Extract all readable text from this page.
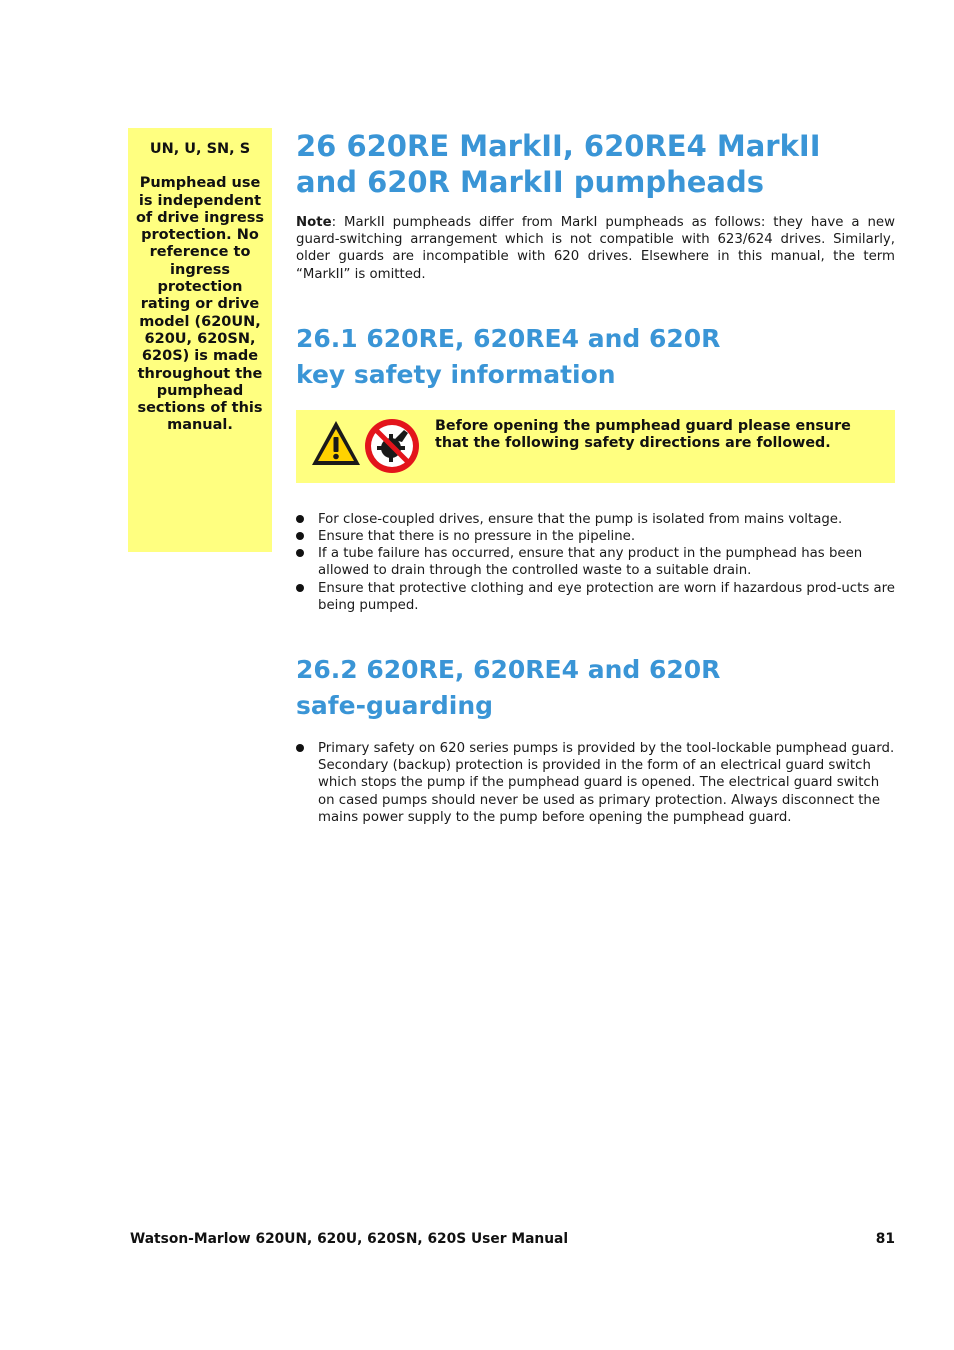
UN, U, SN, S
Pumphead use is independent of drive ingress protection. No reference to ingress protection rating or drive model (620UN, 620U, 620SN, 620S) is made throughout the pumphead sections of this manual.
26 620RE MarkII, 620RE4 MarkII
and 620R MarkII pumpheads

Note: MarkII pumpheads differ from MarkI pumpheads as follows: they have a new guard-switching arrangement which is not compatible with 623/624 drives. Similarly, older guards are incompatible with 620 drives. Elsewhere in this manual, the term “MarkII” is omitted.

26.1 620RE, 620RE4 and 620R
key safety information
Before opening the pumphead guard please ensure that the following safety directions are followed.
For close-coupled drives, ensure that the pump is isolated from mains voltage.
Ensure that there is no pressure in the pipeline.
If a tube failure has occurred, ensure that any product in the pumphead has been allowed to drain through the controlled waste to a suitable drain.
Ensure that protective clothing and eye protection are worn if hazardous prod-ucts are being pumped.
26.2 620RE, 620RE4 and 620R
safe-guarding
Primary safety on 620 series pumps is provided by the tool-lockable pumphead guard. Secondary (backup) protection is provided in the form of an electrical guard switch which stops the pump if the pumphead guard is opened. The electrical guard switch on cased pumps should never be used as primary protection. Always disconnect the mains power supply to the pump before opening the pumphead guard.
Watson-Marlow 620UN, 620U, 620SN, 620S User Manual	81
